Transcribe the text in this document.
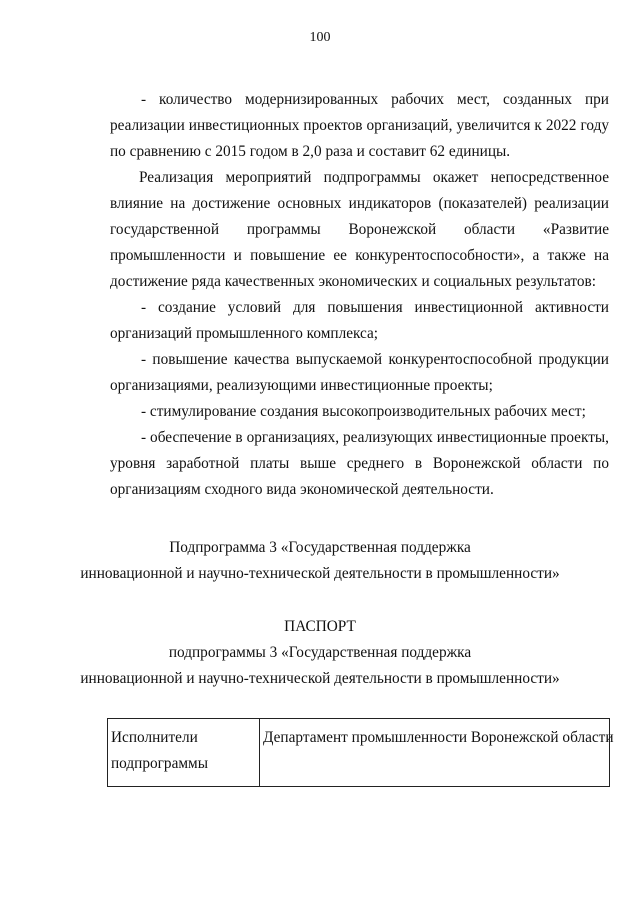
100
- количество модернизированных рабочих мест, созданных при
реализации инвестиционных проектов организаций, увеличится к 2022 году
по сравнению с 2015 годом в 2,0 раза и составит 62 единицы.
Реализация мероприятий подпрограммы окажет непосредственное
влияние на достижение основных индикаторов (показателей) реализации
государственной программы Воронежской области «Развитие
промышленности и повышение ее конкурентоспособности», а также на
достижение ряда качественных экономических и социальных результатов:
- создание условий для повышения инвестиционной активности
организаций промышленного комплекса;
- повышение качества выпускаемой конкурентоспособной продукции
организациями, реализующими инвестиционные проекты;
- стимулирование создания высокопроизводительных рабочих мест;
- обеспечение в организациях, реализующих инвестиционные проекты,
уровня заработной платы выше среднего в Воронежской области по
организациям сходного вида экономической деятельности.
Подпрограмма 3 «Государственная поддержка
инновационной и научно-технической деятельности в промышленности»
ПАСПОРТ
подпрограммы 3 «Государственная поддержка
инновационной и научно-технической деятельности в промышленности»
Исполнители
подпрограммы
	Департамент промышленности Воронежской области
